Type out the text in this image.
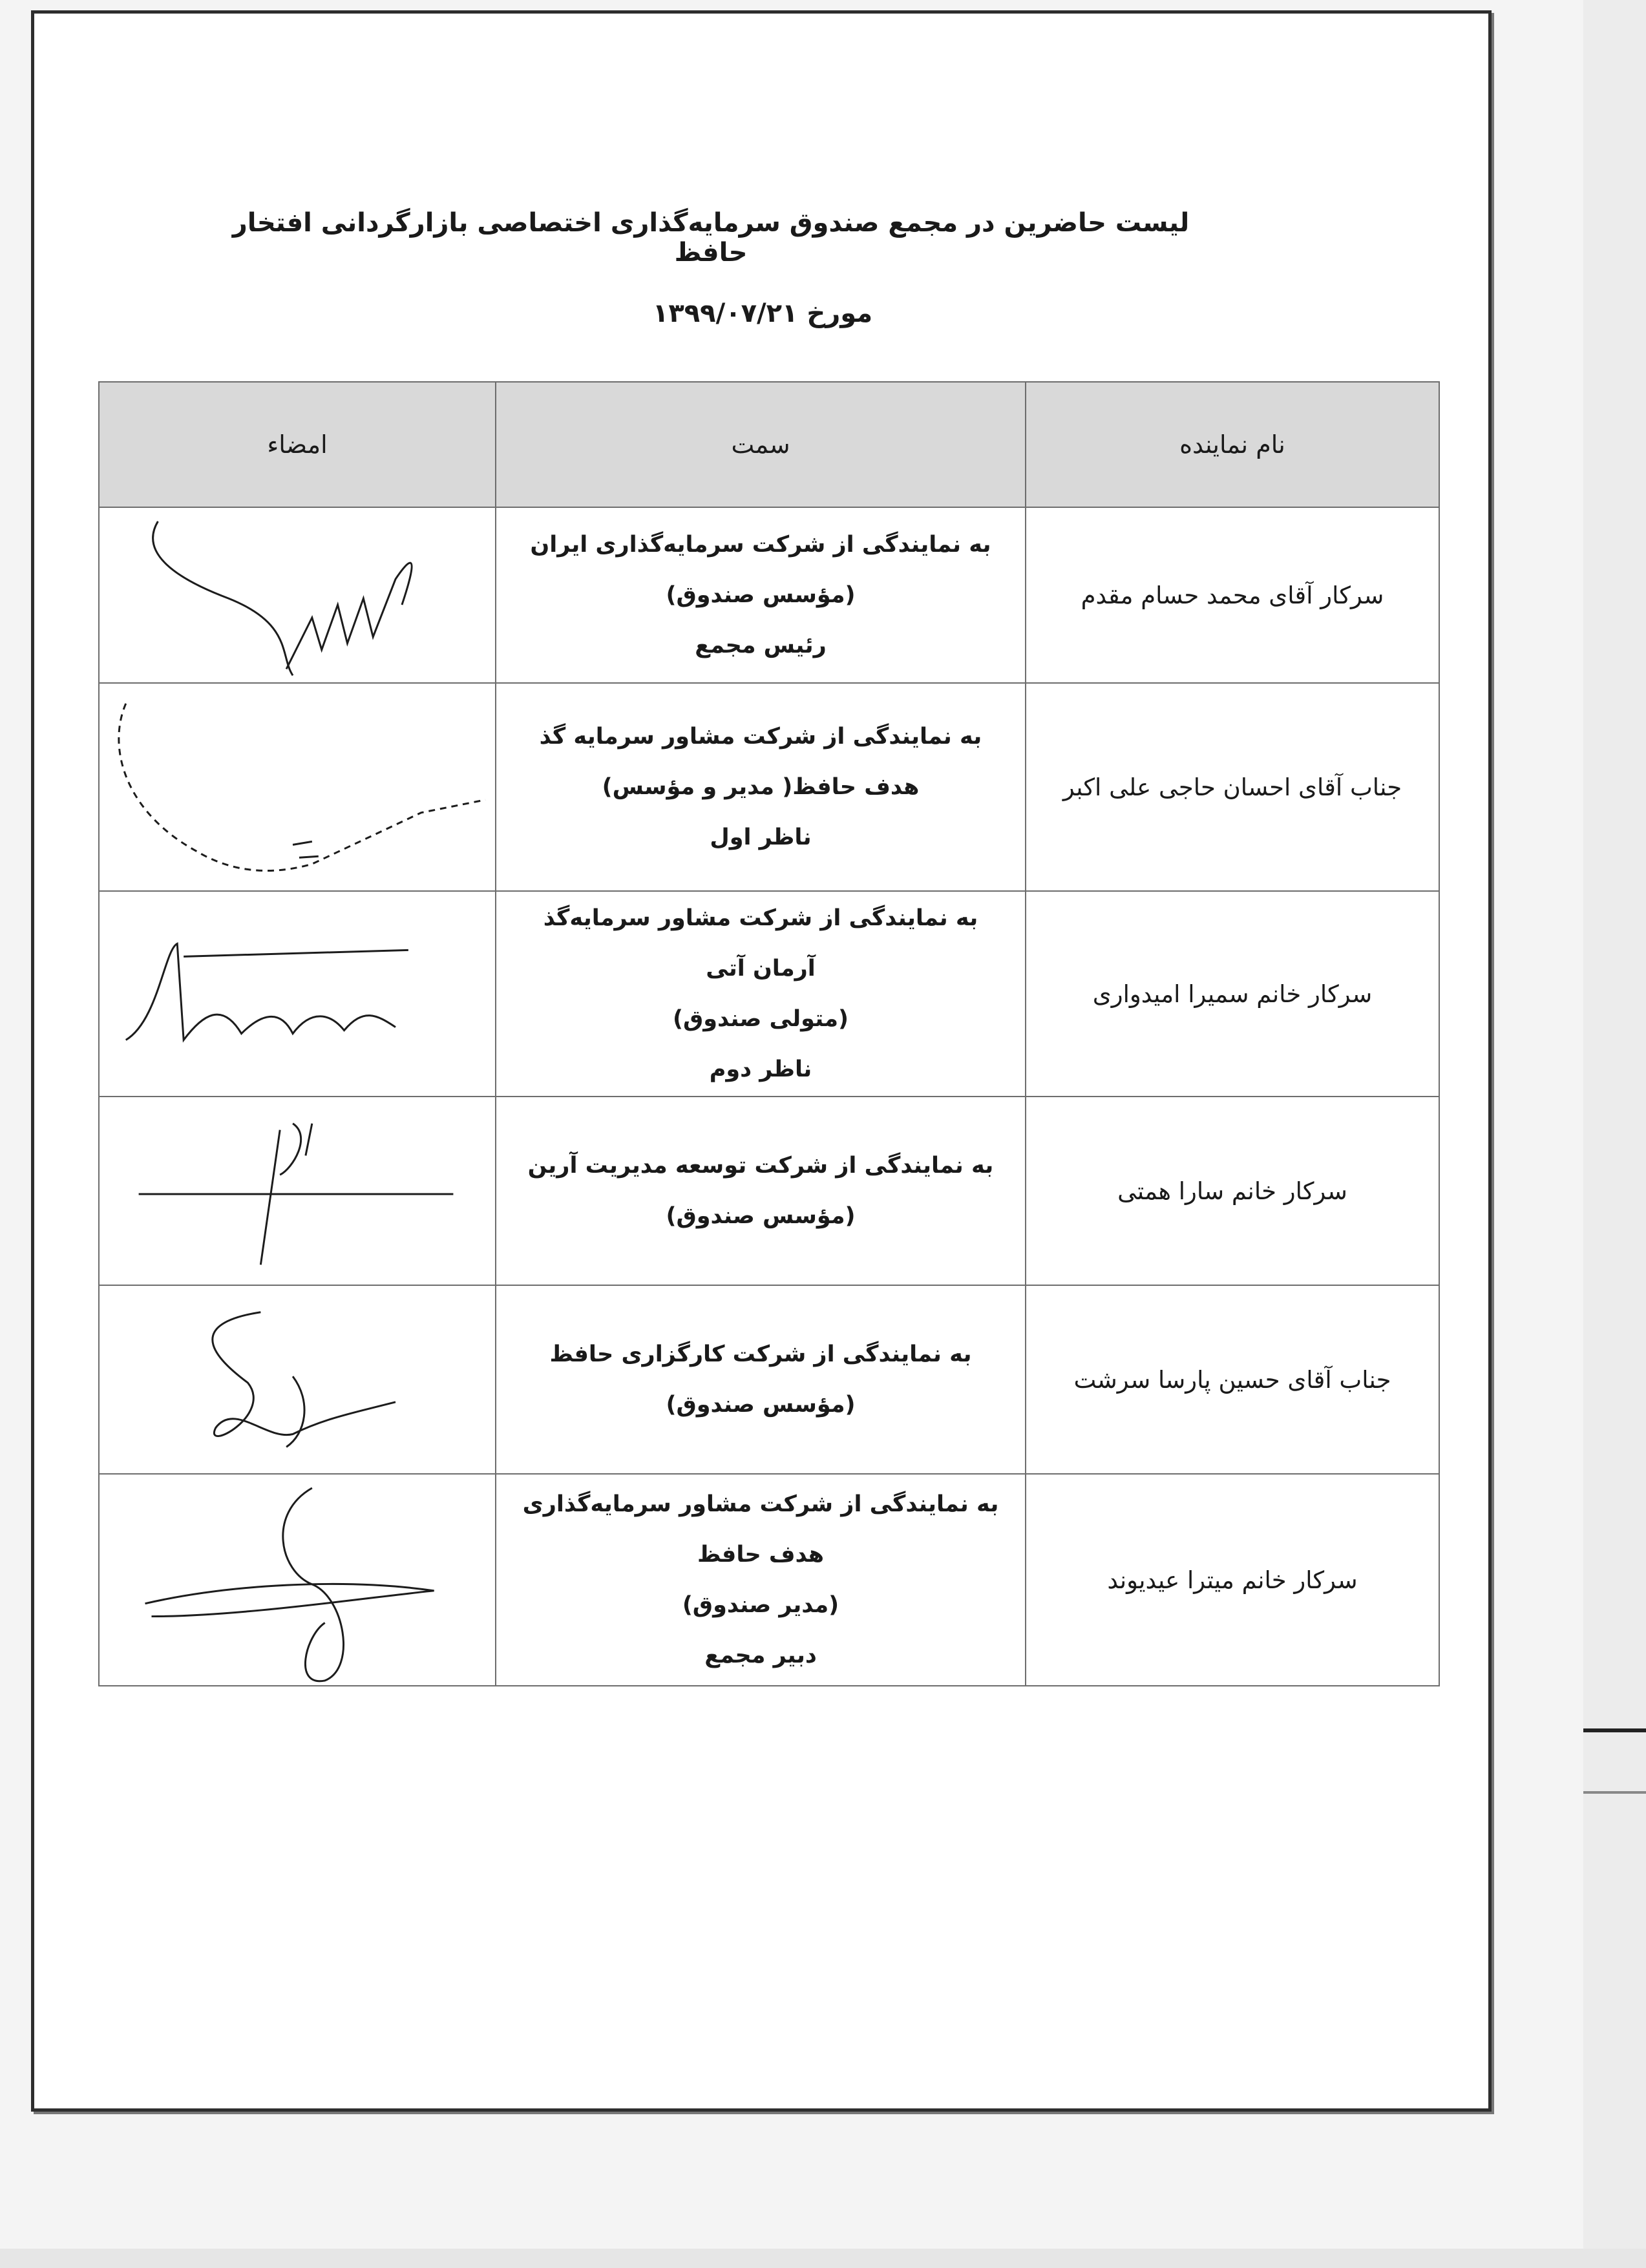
لیست حاضرین در مجمع صندوق سرمایه‌گذاری اختصاصی بازارگردانی افتخار حافظ
مورخ ۱۳۹۹/۰۷/۲۱
نام نماینده	سمت	امضاء
سرکار آقای محمد حسام مقدم	به نمایندگی از شرکت سرمایه‌گذاری ایران
(مؤسس صندوق)
رئیس مجمع

جناب آقای احسان حاجی علی اکبر	به نمایندگی از شرکت مشاور سرمایه گذ
هدف حافظ( مدیر و مؤسس)
ناظر اول

سرکار خانم سمیرا امیدواری	به نمایندگی از شرکت مشاور سرمایه‌گذ
آرمان آتی
(متولی صندوق)
ناظر دوم

سرکار خانم سارا همتی	به نمایندگی از شرکت توسعه مدیریت آرین
(مؤسس صندوق)

جناب آقای حسین پارسا سرشت	به نمایندگی از شرکت کارگزاری حافظ
(مؤسس صندوق)

سرکار خانم میترا عیدیوند	به نمایندگی از شرکت مشاور سرمایه‌گذاری
هدف حافظ
(مدیر صندوق)
دبیر مجمع
